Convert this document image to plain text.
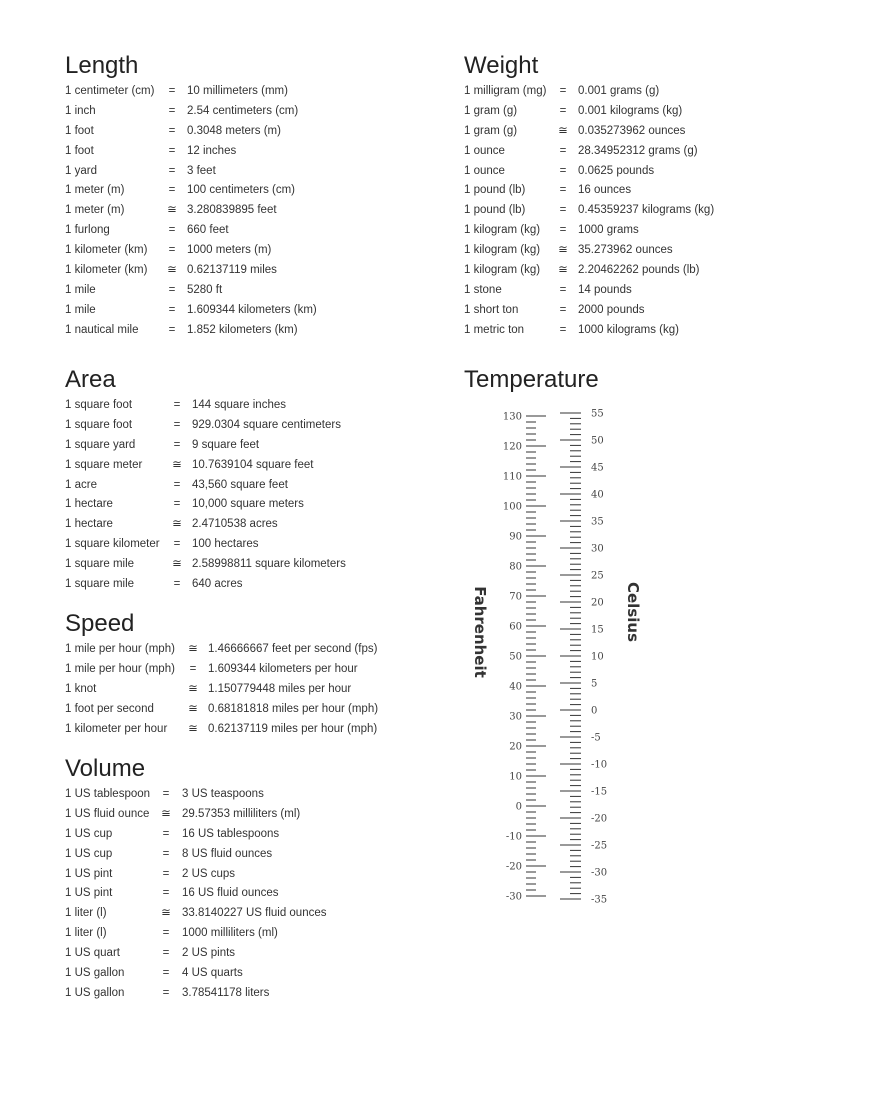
Length
1 centimeter (cm) = 10 millimeters (mm)
1 inch	= 2.54 centimeters (cm)
1 foot	= 0.3048 meters (m)
1 foot	= 12 inches
1 yard	= 3 feet
1 meter (m)	= 100 centimeters (cm)
1 meter (m)	≅ 3.280839895 feet
1 furlong	= 660 feet
1 kilometer (km) = 1000 meters (m)
1 kilometer (km) ≅ 0.62137119 miles
1 mile	= 5280 ft
1 mile	= 1.609344 kilometers (km)
1 nautical mile	= 1.852 kilometers (km)
Weight
1 milligram (mg) = 0.001 grams (g)
1 gram (g)	= 0.001 kilograms (kg)
1 gram (g)	≅ 0.035273962 ounces
1 ounce	= 28.34952312 grams (g)
1 ounce	= 0.0625 pounds
1 pound (lb)	= 16 ounces
1 pound (lb)	= 0.45359237 kilograms (kg)
1 kilogram (kg) = 1000 grams
1 kilogram (kg) ≅ 35.273962 ounces
1 kilogram (kg) ≅ 2.20462262 pounds (lb)
1 stone	= 14 pounds
1 short ton	= 2000 pounds
1 metric ton	= 1000 kilograms (kg)
Area
1 square foot	= 144 square inches
1 square foot	= 929.0304 square centimeters
1 square yard	= 9 square feet
1 square meter	≅ 10.7639104 square feet
1 acre	= 43,560 square feet
1 hectare	= 10,000 square meters
1 hectare	≅ 2.4710538 acres
1 square kilometer = 100 hectares
1 square mile	≅ 2.58998811 square kilometers
1 square mile	= 640 acres
Speed
1 mile per hour (mph) ≅ 1.46666667 feet per second (fps)
1 mile per hour (mph) = 1.609344 kilometers per hour
1 knot	≅ 1.150779448 miles per hour
1 foot per second	≅ 0.68181818 miles per hour (mph)
1 kilometer per hour ≅ 0.62137119 miles per hour (mph)
Volume
1 US tablespoon = 3 US teaspoons
1 US fluid ounce ≅ 29.57353 milliliters (ml)
1 US cup	= 16 US tablespoons
1 US cup	= 8 US fluid ounces
1 US pint	= 2 US cups
1 US pint	= 16 US fluid ounces
1 liter (l)	≅ 33.8140227 US fluid ounces
1 liter (l)	= 1000 milliliters (ml)
1 US quart	= 2 US pints
1 US gallon	= 4 US quarts
1 US gallon	= 3.78541178 liters
Temperature
130
120
110
100
90
80
70
60
50
40
30
20
10
0
-10
-20
-30
55
50
45
40
35
30
25
20
15
10
5
0
-5
-10
-15
-20
-25
-30
-35
Fahrenheit	Celsius
